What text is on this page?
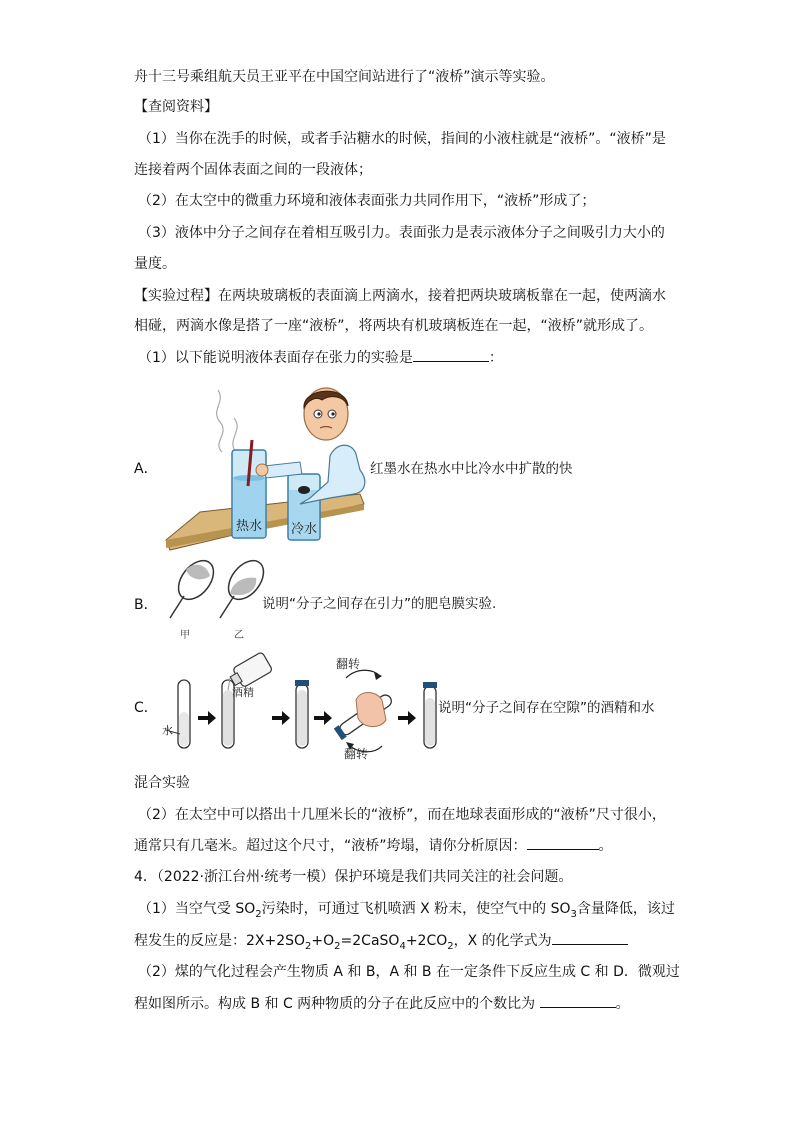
舟十三号乘组航天员王亚平在中国空间站进行了“液桥”演示等实验。
【查阅资料】
（1）当你在洗手的时候，或者手沾糖水的时候，指间的小液柱就是“液桥”。“液桥”是
连接着两个固体表面之间的一段液体；
（2）在太空中的微重力环境和液体表面张力共同作用下，“液桥”形成了；
（3）液体中分子之间存在着相互吸引力。表面张力是表示液体分子之间吸引力大小的
量度。
【实验过程】在两块玻璃板的表面滴上两滴水，接着把两块玻璃板靠在一起，使两滴水
相碰，两滴水像是搭了一座“液桥”，将两块有机玻璃板连在一起，“液桥”就形成了。
（1）以下能说明液体表面存在张力的实验是	：
A．
热水 冷水
红墨水在热水中比冷水中扩散的快
B．
甲	乙
说明“分子之间存在引力”的肥皂膜实验.
C．
翻转
翻转
酒精
水
说明“分子之间存在空隙”的酒精和水
混合实验
（2）在太空中可以搭出十几厘米长的“液桥”，而在地球表面形成的“液桥”尺寸很小，
通常只有几毫米。超过这个尺寸，“液桥”垮塌，请你分析原因：	。
4．（2022·浙江台州·统考一模）保护环境是我们共同关注的社会问题。
（1）当空气受 $SO_2$污染时，可通过飞机喷洒 X 粉末，使空气中的 $SO_3$含量降低，该过
程发生的反应是：$2X+2SO_2+O_2=2CaSO_4+2CO_2$，X 的化学式为
（2）煤的气化过程会产生物质 A 和 B，A 和 B 在一定条件下反应生成 C 和 D．微观过
程如图所示。构成 B 和 C 两种物质的分子在此反应中的个数比为	。
